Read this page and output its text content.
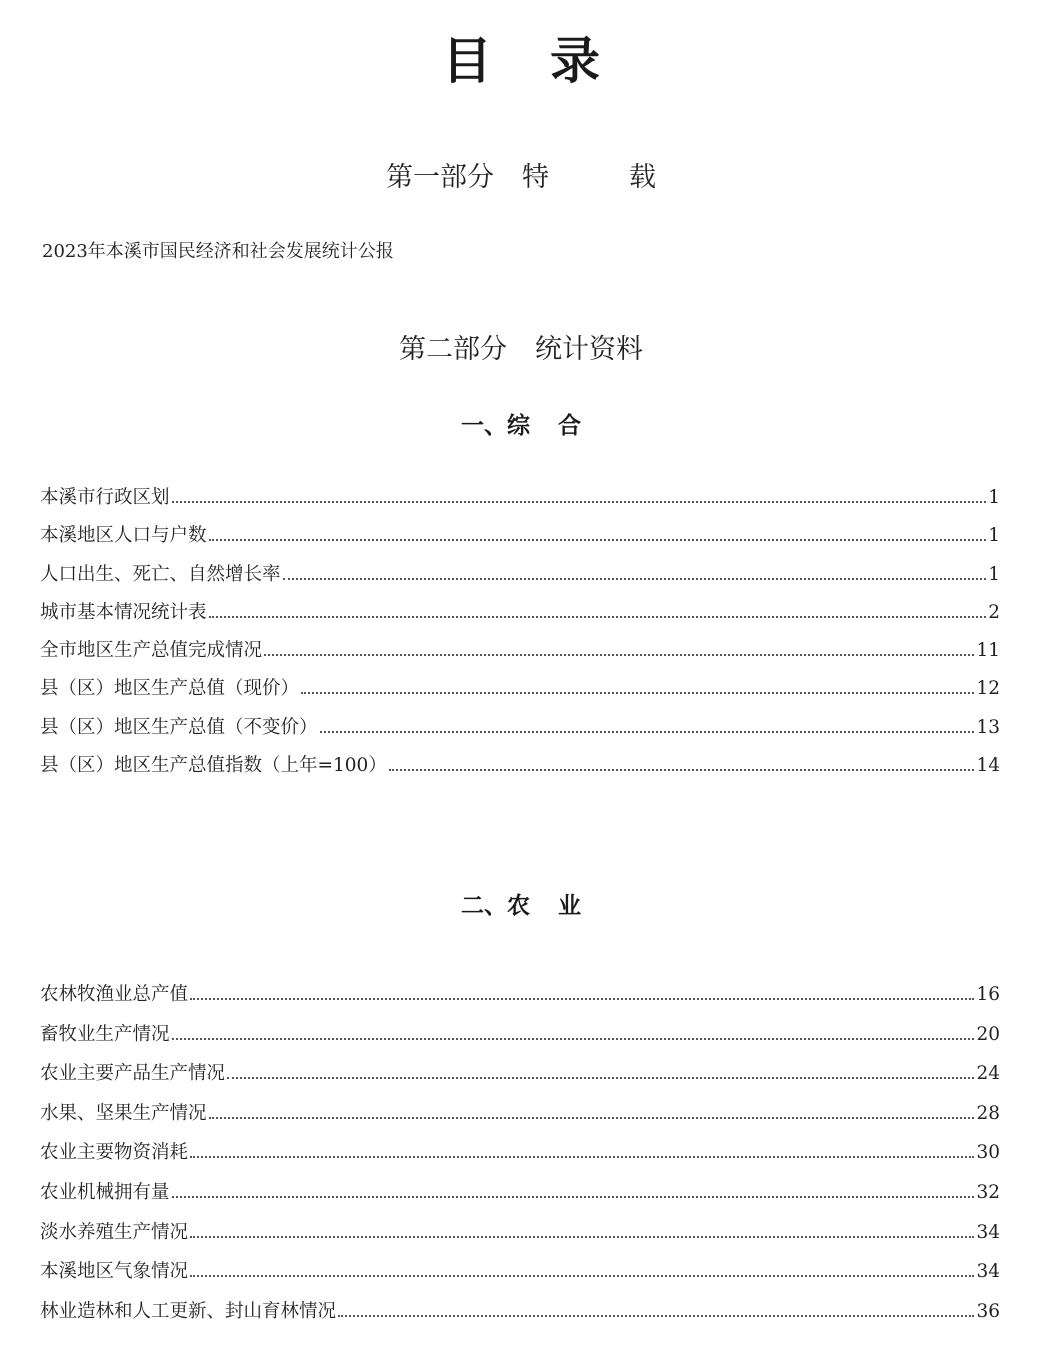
目 录
第一部分 特	载
2023年本溪市国民经济和社会发展统计公报
第二部分 统计资料
一、综 合
本溪市行政区划	1
本溪地区人口与户数	1
人口出生、死亡、自然增长率	1
城市基本情况统计表	2
全市地区生产总值完成情况	11
县（区）地区生产总值（现价）	12
县（区）地区生产总值（不变价）	13
县（区）地区生产总值指数（上年=100）	14
二、农 业
农林牧渔业总产值	16
畜牧业生产情况	20
农业主要产品生产情况	24
水果、坚果生产情况	28
农业主要物资消耗	30
农业机械拥有量	32
淡水养殖生产情况	34
本溪地区气象情况	34
林业造林和人工更新、封山育林情况	36
